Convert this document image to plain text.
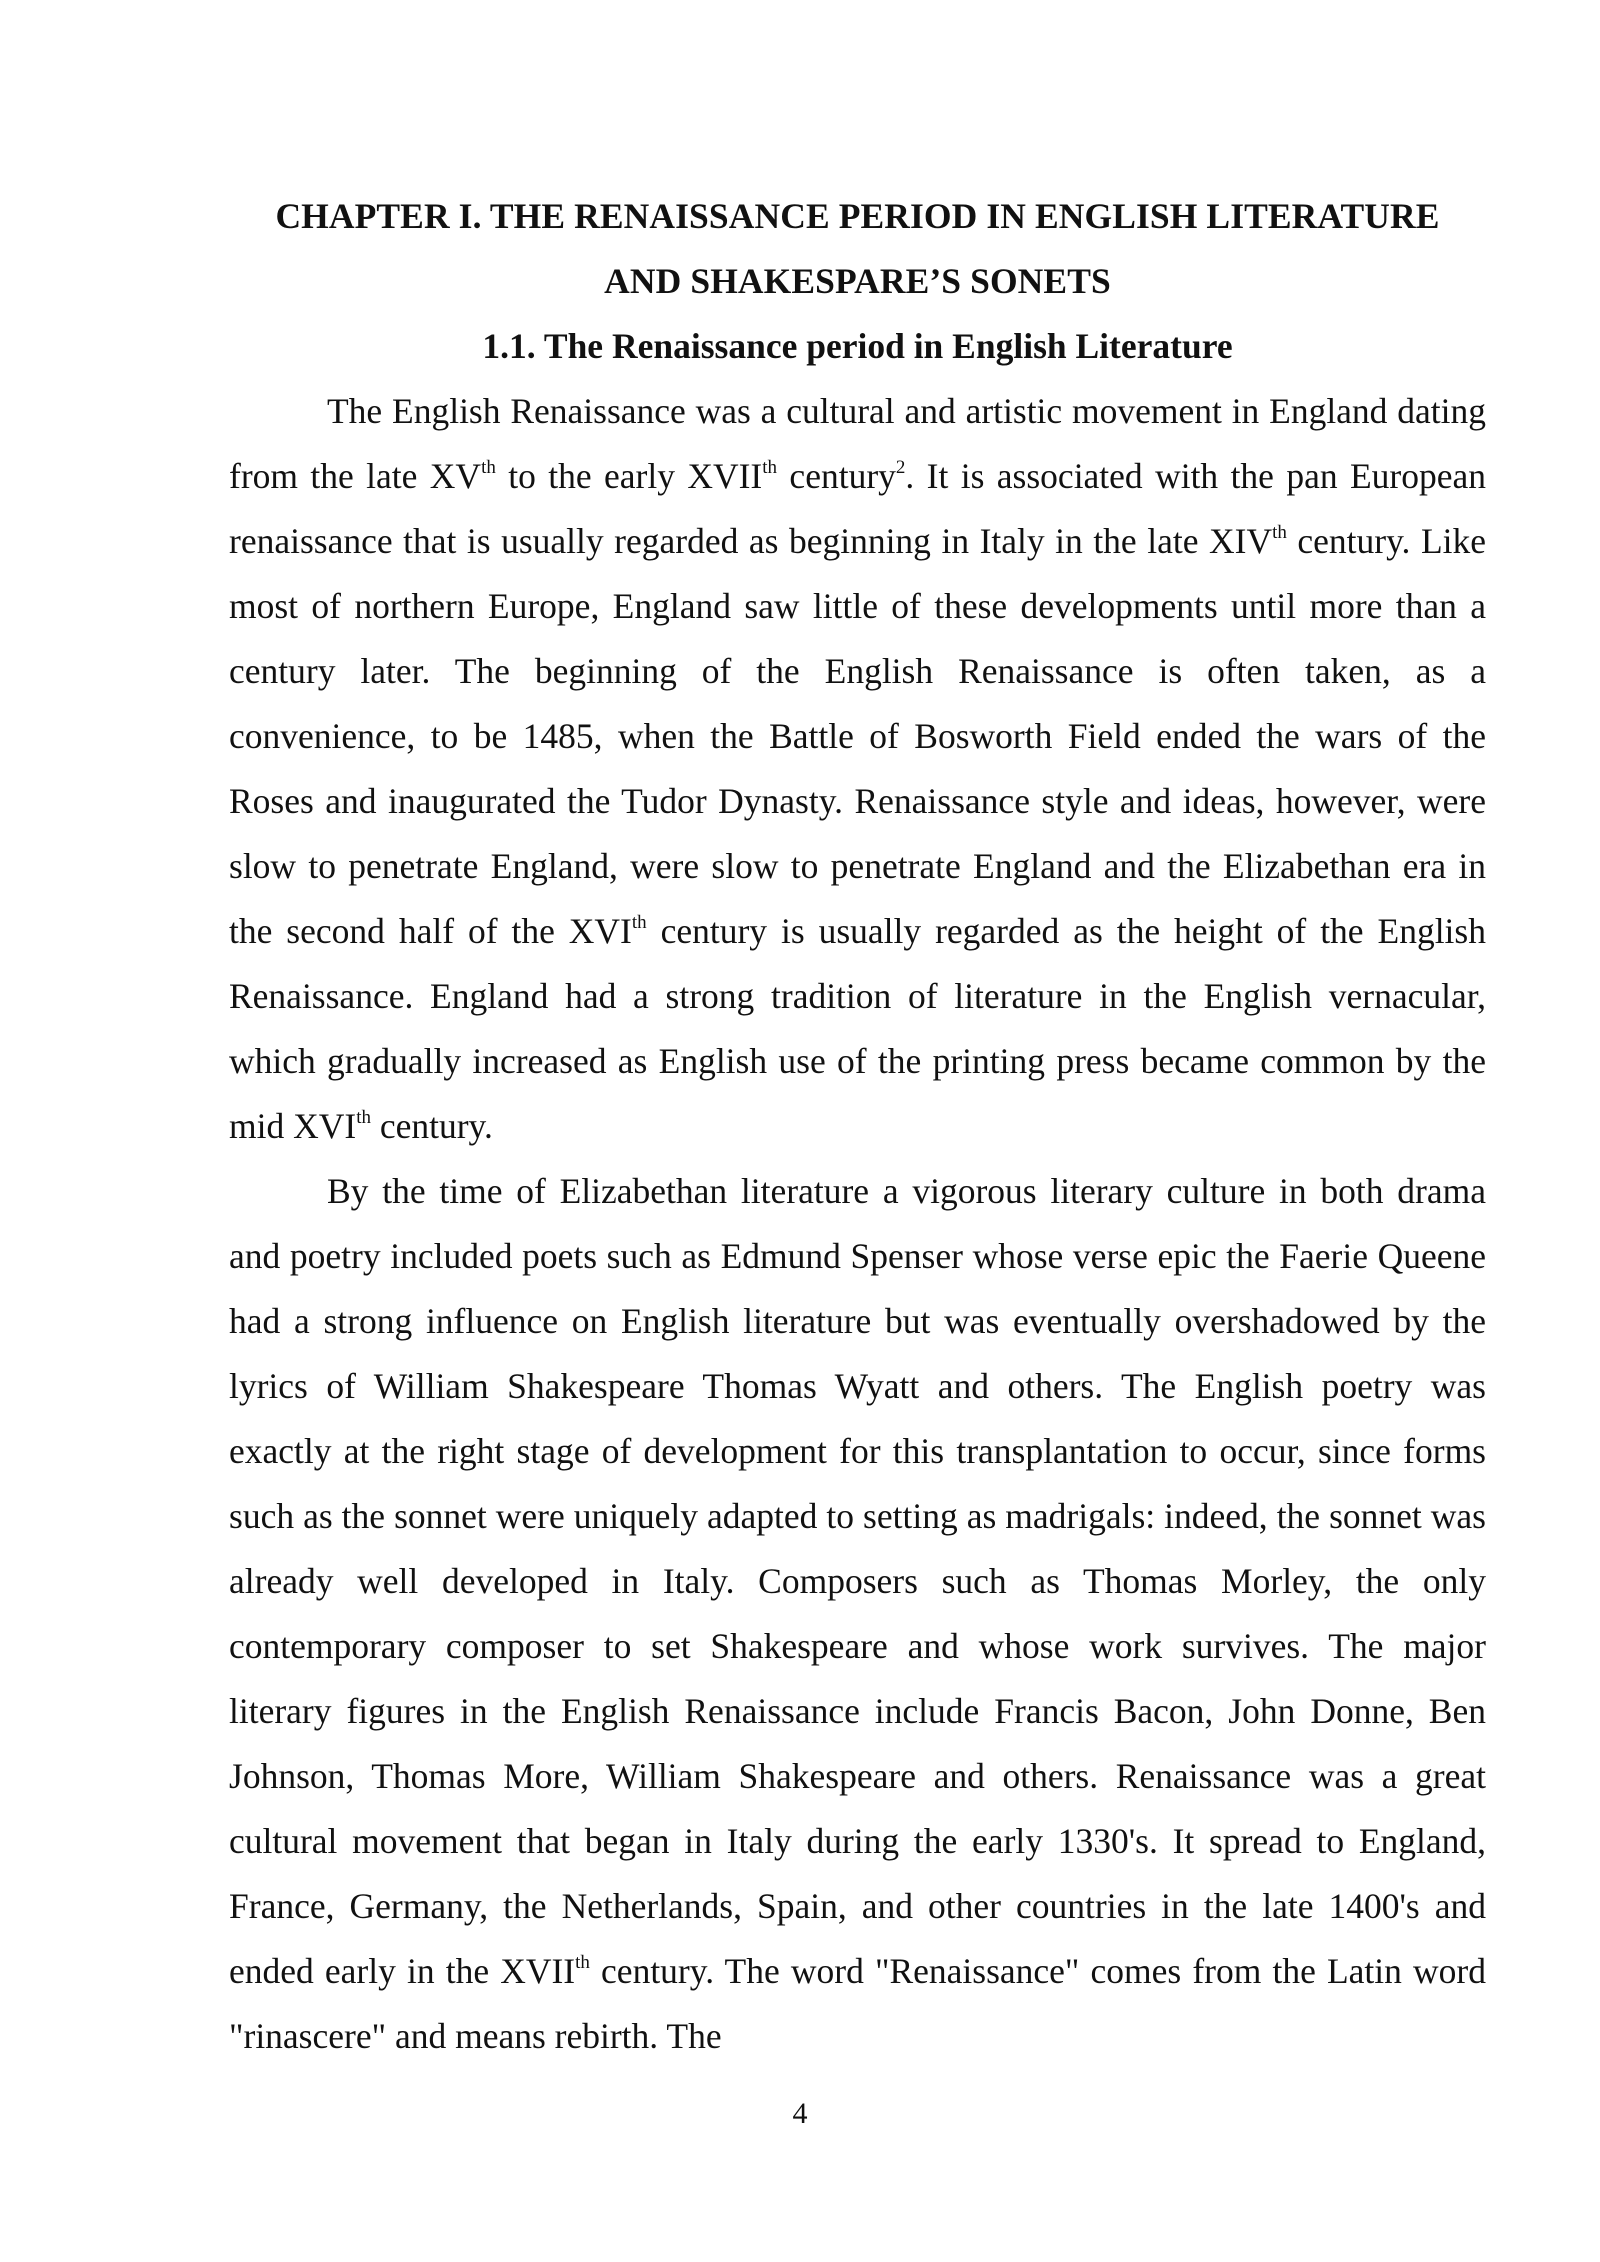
CHAPTER I. THE RENAISSANCE PERIOD IN ENGLISH LITERATURE
AND SHAKESPARE’S SONETS
1.1. The Renaissance period in English Literature

The English Renaissance was a cultural and artistic movement in England dating from the late XVth to the early XVIIth century$^2$. It is associated with the pan European renaissance that is usually regarded as beginning in Italy in the late XIVth century. Like most of northern Europe, England saw little of these developments until more than a century later. The beginning of the English Renaissance is often taken, as a convenience, to be 1485, when the Battle of Bosworth Field ended the wars of the Roses and inaugurated the Tudor Dynasty. Renaissance style and ideas, however, were slow to penetrate England, were slow to penetrate England and the Elizabethan era in the second half of the XVIth century is usually regarded as the height of the English Renaissance. England had a strong tradition of literature in the English vernacular, which gradually increased as English use of the printing press became common by the mid XVIth century.

By the time of Elizabethan literature a vigorous literary culture in both drama and poetry included poets such as Edmund Spenser whose verse epic the Faerie Queene had a strong influence on English literature but was eventually overshadowed by the lyrics of William Shakespeare Thomas Wyatt and others. The English poetry was exactly at the right stage of development for this transplantation to occur, since forms such as the sonnet were uniquely adapted to setting as madrigals: indeed, the sonnet was already well developed in Italy. Composers such as Thomas Morley, the only contemporary composer to set Shakespeare and whose work survives. The major literary figures in the English Renaissance include Francis Bacon, John Donne, Ben Johnson, Thomas More, William Shakespeare and others. Renaissance was a great cultural movement that began in Italy during the early 1330's. It spread to England, France, Germany, the Netherlands, Spain, and other countries in the late 1400's and ended early in the XVIIth century. The word "Renaissance" comes from the Latin word "rinascere" and means rebirth. The

4
